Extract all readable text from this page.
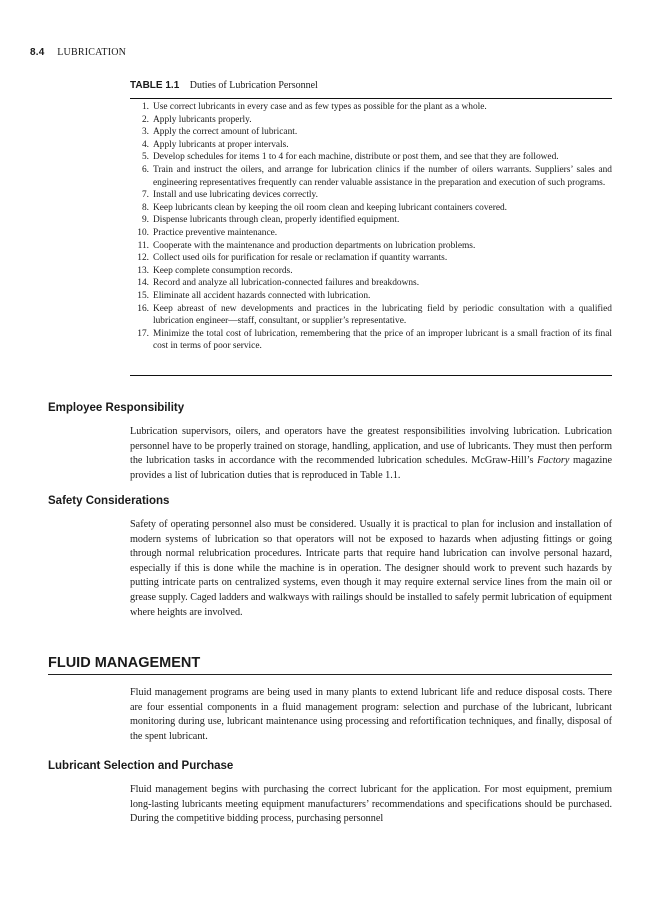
8.4 LUBRICATION
TABLE 1.1 Duties of Lubrication Personnel
1. Use correct lubricants in every case and as few types as possible for the plant as a whole.
2. Apply lubricants properly.
3. Apply the correct amount of lubricant.
4. Apply lubricants at proper intervals.
5. Develop schedules for items 1 to 4 for each machine, distribute or post them, and see that they are followed.
6. Train and instruct the oilers, and arrange for lubrication clinics if the number of oilers warrants. Suppliers’ sales and engineering representatives frequently can render valuable assistance in the preparation and execution of such programs.
7. Install and use lubricating devices correctly.
8. Keep lubricants clean by keeping the oil room clean and keeping lubricant containers covered.
9. Dispense lubricants through clean, properly identified equipment.
10. Practice preventive maintenance.
11. Cooperate with the maintenance and production departments on lubrication problems.
12. Collect used oils for purification for resale or reclamation if quantity warrants.
13. Keep complete consumption records.
14. Record and analyze all lubrication-connected failures and breakdowns.
15. Eliminate all accident hazards connected with lubrication.
16. Keep abreast of new developments and practices in the lubricating field by periodic consultation with a qualified lubrication engineer—staff, consultant, or supplier’s representative.
17. Minimize the total cost of lubrication, remembering that the price of an improper lubricant is a small fraction of its final cost in terms of poor service.
Employee Responsibility

Lubrication supervisors, oilers, and operators have the greatest responsibilities involving lubrication. Lubrication personnel have to be properly trained on storage, handling, application, and use of lubricants. They must then perform the lubrication tasks in accordance with the recommended lubrication schedules. McGraw-Hill’s Factory magazine provides a list of lubrication duties that is reproduced in Table 1.1.

Safety Considerations

Safety of operating personnel also must be considered. Usually it is practical to plan for inclusion and installation of modern systems of lubrication so that operators will not be exposed to hazards when adjusting fittings or going through normal relubrication procedures. Intricate parts that require hand lubrication can involve personal hazard, especially if this is done while the machine is in operation. The designer should work to prevent such hazards by putting intricate parts on centralized systems, even though it may require external service lines from the main oil or grease supply. Caged ladders and walkways with railings should be installed to safely permit lubrication of equipment where heights are involved.

FLUID MANAGEMENT

Fluid management programs are being used in many plants to extend lubricant life and reduce disposal costs. There are four essential components in a fluid management program: selection and purchase of the lubricant, lubricant monitoring during use, lubricant maintenance using processing and refortification techniques, and finally, disposal of the spent lubricant.

Lubricant Selection and Purchase

Fluid management begins with purchasing the correct lubricant for the application. For most equipment, premium long-lasting lubricants meeting equipment manufacturers’ recommendations and specifications should be purchased. During the competitive bidding process, purchasing personnel
